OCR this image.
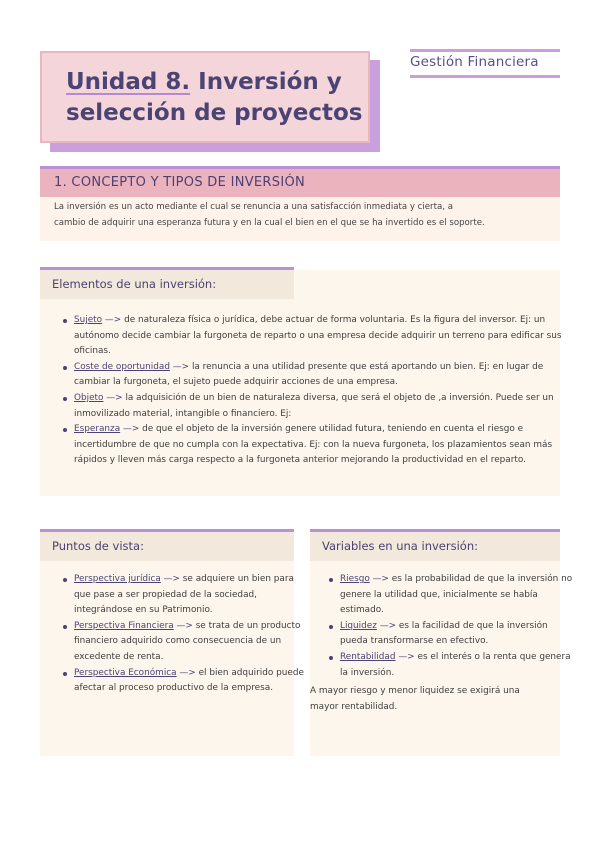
Unidad 8. Inversión y
selección de proyectos
Gestión Financiera
1. CONCEPTO Y TIPOS DE INVERSIÓN
La inversión es un acto mediante el cual se renuncia a una satisfacción inmediata y cierta, a
cambio de adquirir una esperanza futura y en la cual el bien en el que se ha invertido es el soporte.
Elementos de una inversión:
Sujeto —> de naturaleza física o jurídica, debe actuar de forma voluntaria. Es la figura del inversor. Ej: un autónomo decide cambiar la furgoneta de reparto o una empresa decide adquirir un terreno para edificar sus oficinas.
Coste de oportunidad —> la renuncia a una utilidad presente que está aportando un bien. Ej: en lugar de cambiar la furgoneta, el sujeto puede adquirir acciones de una empresa.
Objeto —> la adquisición de un bien de naturaleza diversa, que será el objeto de ,a inversión. Puede ser un inmovilizado material, intangible o financiero. Ej:
Esperanza —> de que el objeto de la inversión genere utilidad futura, teniendo en cuenta el riesgo e incertidumbre de que no cumpla con la expectativa. Ej: con la nueva furgoneta, los plazamientos sean más rápidos y lleven más carga respecto a la furgoneta anterior mejorando la productividad en el reparto.
Puntos de vista:
Perspectiva jurídica —> se adquiere un bien para que pase a ser propiedad de la sociedad, integrándose en su Patrimonio.
Perspectiva Financiera —> se trata de un producto financiero adquirido como consecuencia de un excedente de renta.
Perspectiva Económica —> el bien adquirido puede afectar al proceso productivo de la empresa.
Variables en una inversión:
Riesgo —> es la probabilidad de que la inversión no genere la utilidad que, inicialmente se había estimado.
Liquidez —> es la facilidad de que la inversión pueda transformarse en efectivo.
Rentabilidad —> es el interés o la renta que genera la inversión.

A mayor riesgo y menor liquidez se exigirá una mayor rentabilidad.
